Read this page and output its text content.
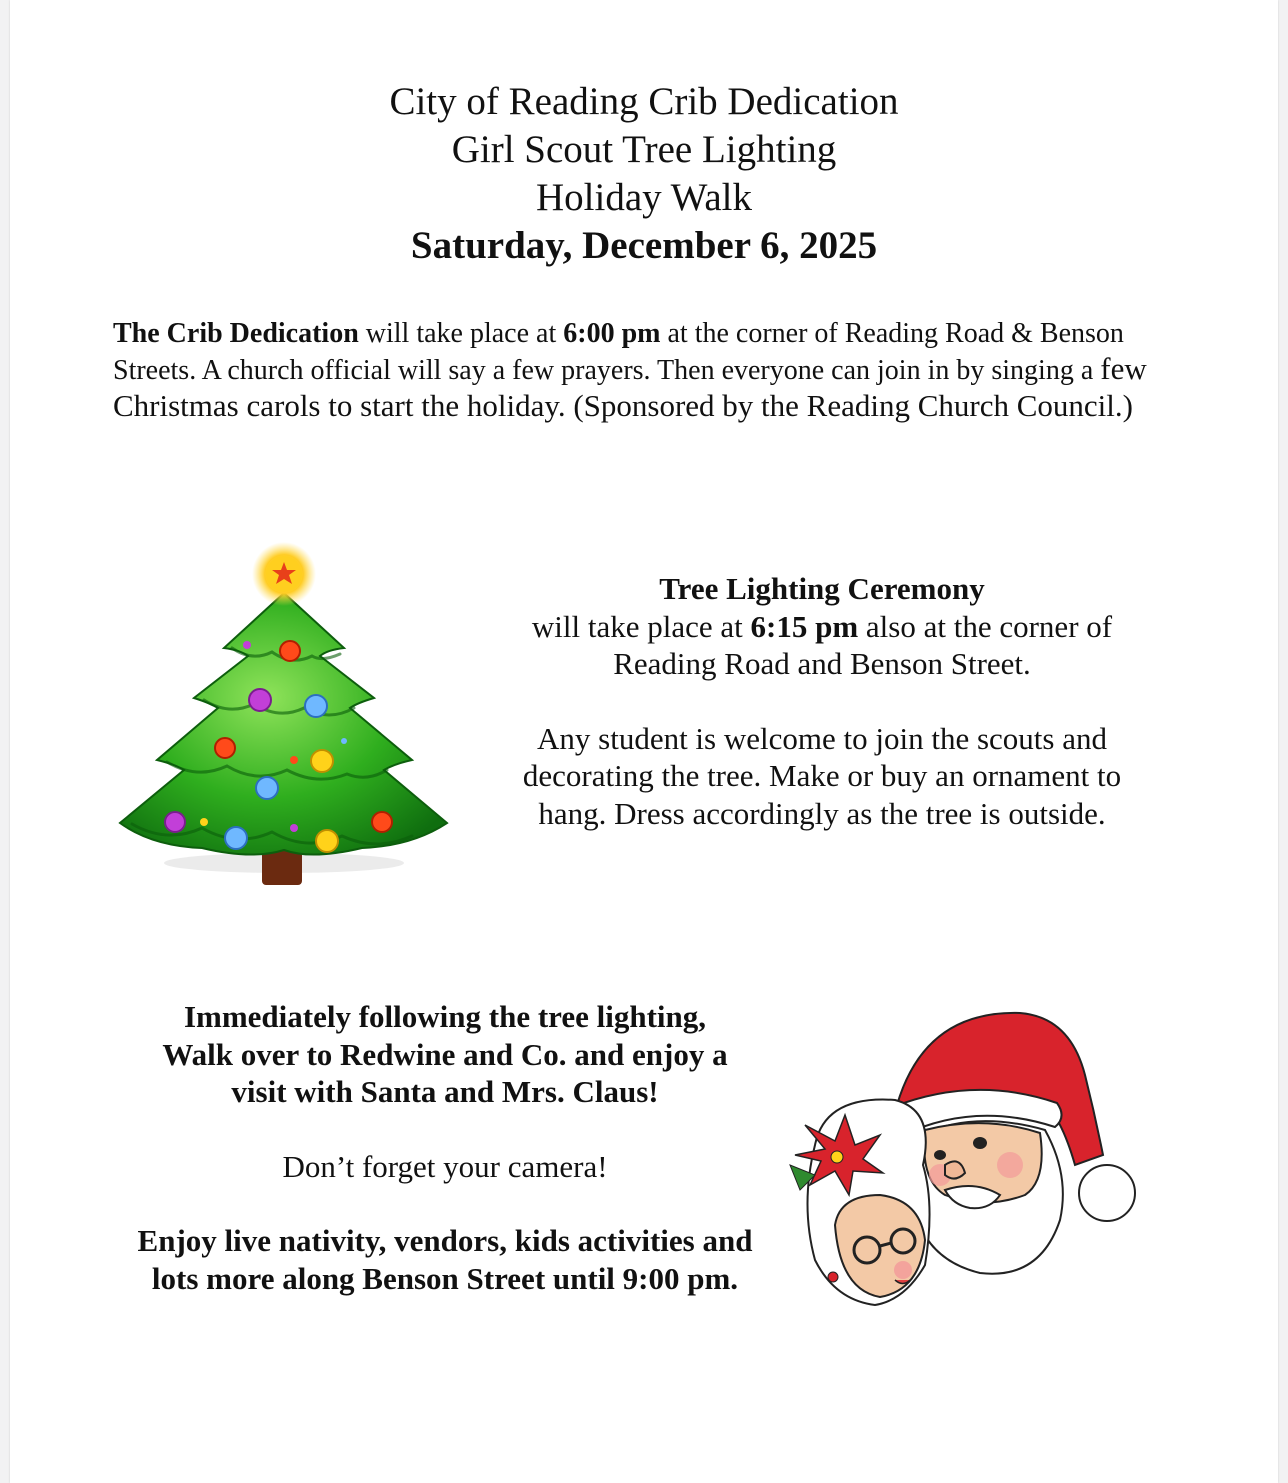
City of Reading Crib Dedication
Girl Scout Tree Lighting
Holiday Walk
Saturday, December 6, 2025
The Crib Dedication will take place at 6:00 pm at the corner of Reading Road & Benson Streets. A church official will say a few prayers. Then everyone can join in by singing a few Christmas carols to start the holiday. (Sponsored by the Reading Church Council.)
Tree Lighting Ceremony
will take place at 6:15 pm also at the corner of
Reading Road and Benson Street.
Any student is welcome to join the scouts and
decorating the tree. Make or buy an ornament to
hang. Dress accordingly as the tree is outside.
Immediately following the tree lighting,
Walk over to Redwine and Co. and enjoy a
visit with Santa and Mrs. Claus!
Don’t forget your camera!
Enjoy live nativity, vendors, kids activities and
lots more along Benson Street until 9:00 pm.
